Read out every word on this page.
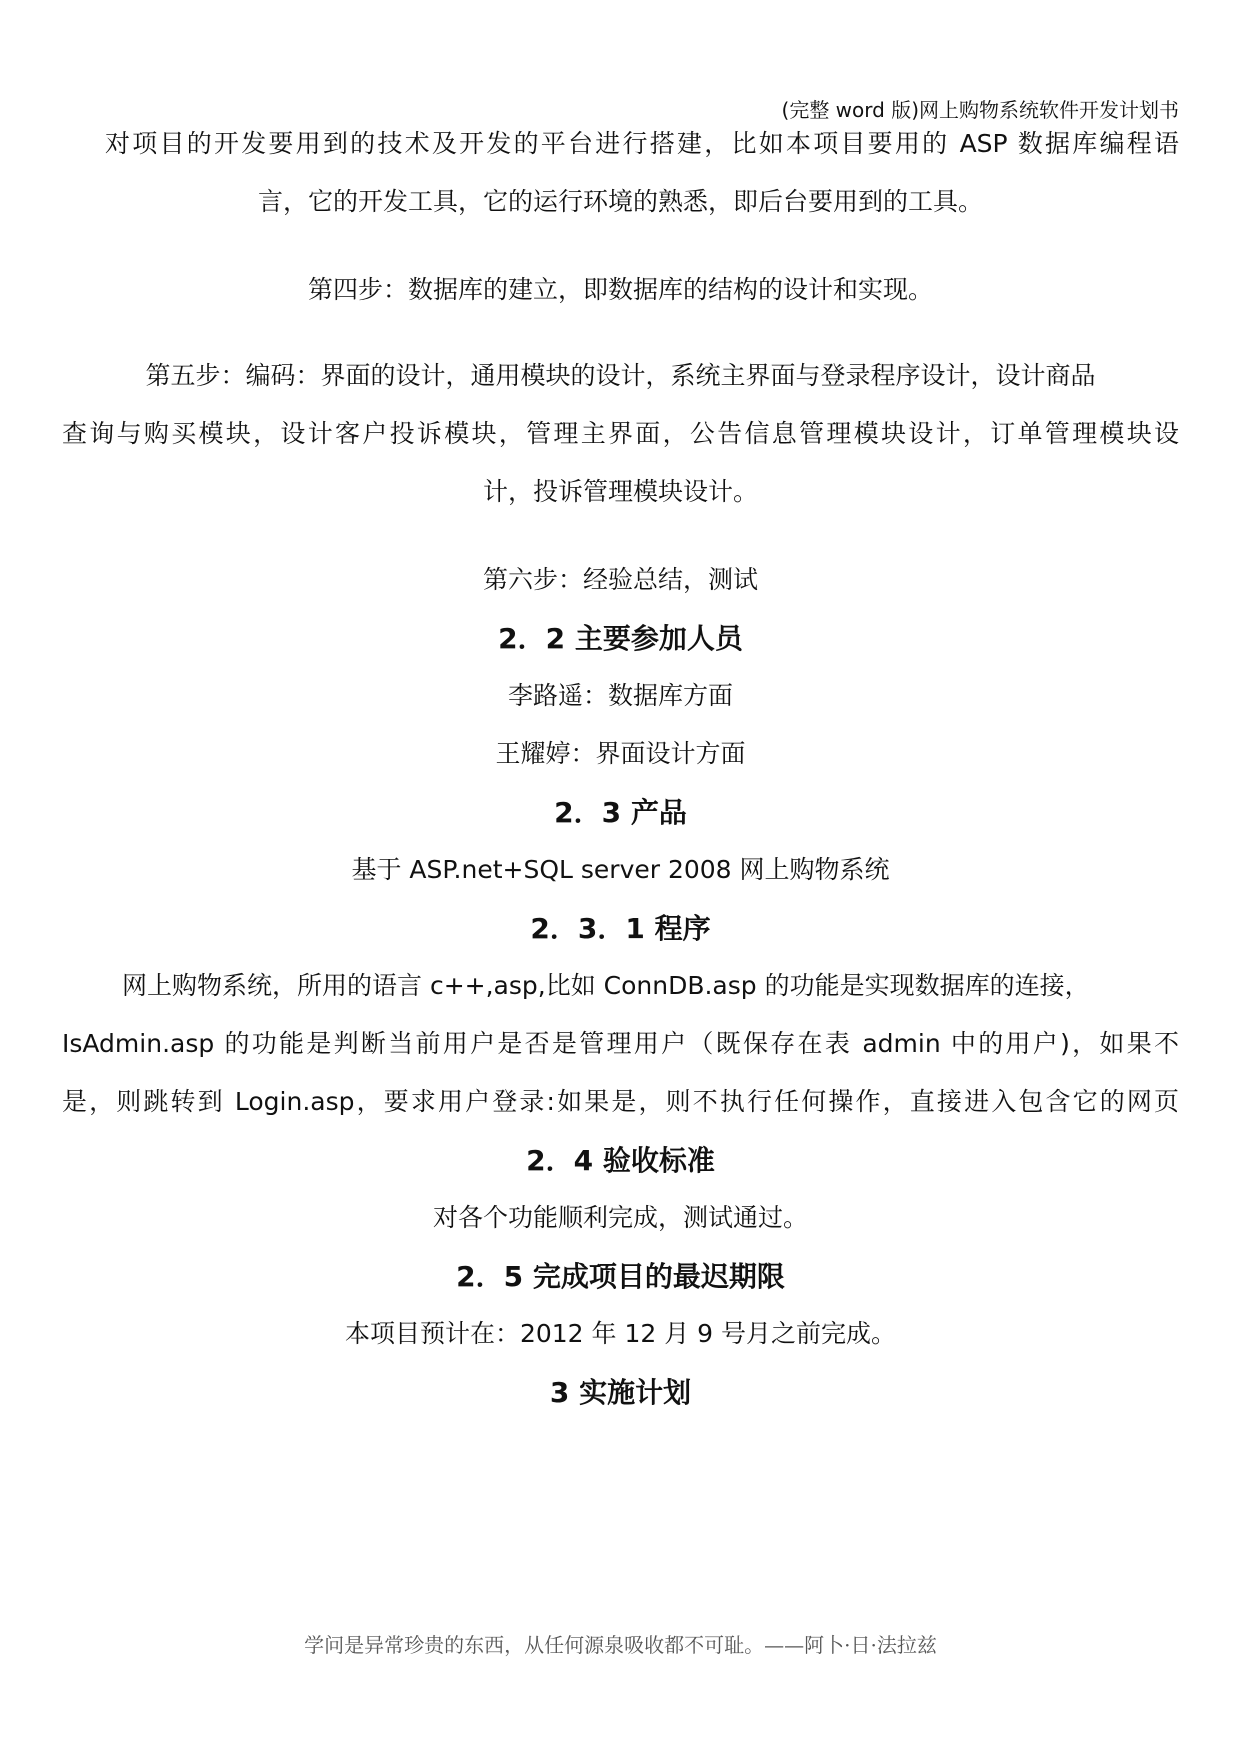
(完整 word 版)网上购物系统软件开发计划书
对项目的开发要用到的技术及开发的平台进行搭建，比如本项目要用的 ASP 数据库编程语
言，它的开发工具，它的运行环境的熟悉，即后台要用到的工具。
第四步：数据库的建立，即数据库的结构的设计和实现。
第五步：编码：界面的设计，通用模块的设计，系统主界面与登录程序设计，设计商品
查询与购买模块，设计客户投诉模块，管理主界面，公告信息管理模块设计，订单管理模块设
计，投诉管理模块设计。
第六步：经验总结，测试
2．2 主要参加人员
李路遥：数据库方面
王耀婷：界面设计方面
2．3 产品
基于 ASP.net+SQL server 2008 网上购物系统
2．3．1 程序
网上购物系统，所用的语言 c++,asp,比如 ConnDB.asp 的功能是实现数据库的连接，
IsAdmin.asp 的功能是判断当前用户是否是管理用户（既保存在表 admin 中的用户)，如果不
是，则跳转到 Login.asp，要求用户登录:如果是，则不执行任何操作，直接进入包含它的网页
2．4 验收标准
对各个功能顺利完成，测试通过。
2．5 完成项目的最迟期限
本项目预计在：2012 年 12 月 9 号月之前完成。
3 实施计划
学问是异常珍贵的东西，从任何源泉吸收都不可耻。——阿卜·日·法拉兹
